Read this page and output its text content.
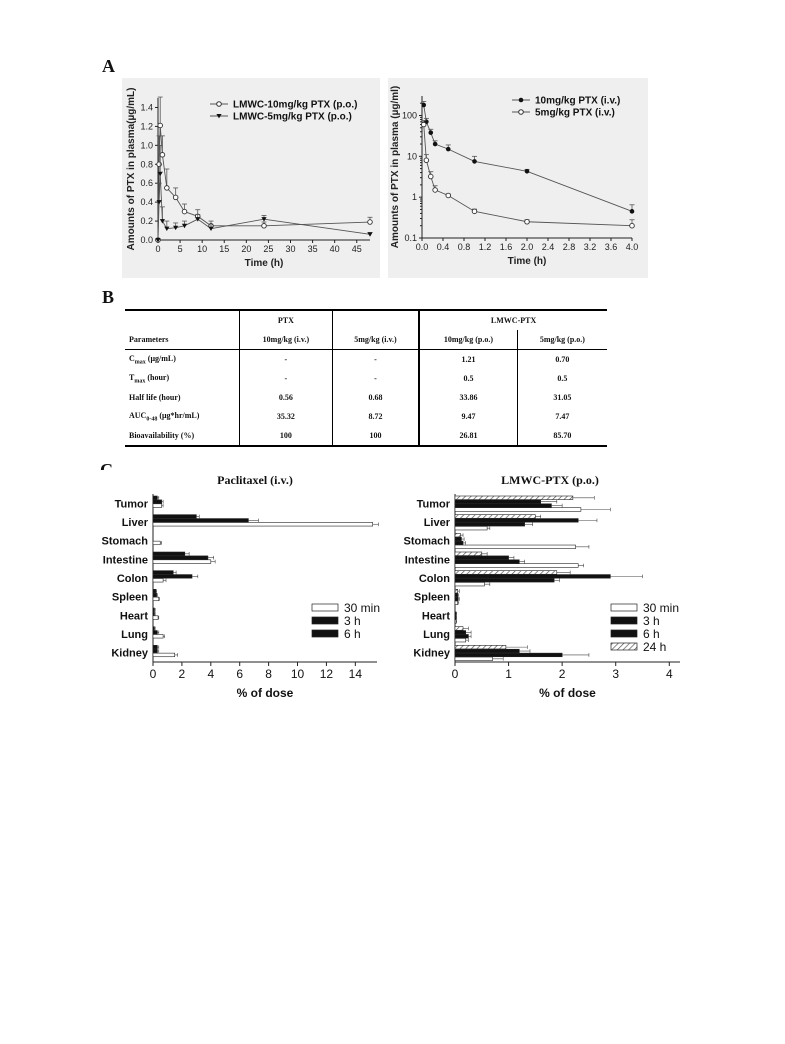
A
B
0.0
0.2
0.4
0.6
0.8
1.0
1.2
1.4
0 5 10 15 20 25 30 35 40 45
Time (h)
Amounts of PTX in plasma(µg/mL)	LMWC-10mg/kg PTX (p.o.)
LMWC-5mg/kg PTX (p.o.)
0.1
1
10
100
0.0 0.4 0.8 1.2 1.6 2.0 2.4 2.8 3.2 3.6 4.0
Time (h)
Amounts of PTX in plasma (µg/ml)	10mg/kg PTX (i.v.)
5mg/kg PTX (i.v.)
	PTX		LMWC-PTX	
Parameters	10mg/kg (i.v.)	5mg/kg (i.v.)	10mg/kg (p.o.)	5mg/kg (p.o.)
$C_{max}$ (μg/mL)	-	-	1.21	0.70
$T_{max}$ (hour)	-	-	0.5	0.5
Half life (hour)	0.56	0.68	33.86	31.05
$AUC_{0-48}$ (μg*hr/mL)	35.32	8.72	9.47	7.47
Bioavailability (%)	100	100	26.81	85.70
Paclitaxel (i.v.)
0 2 4 6 8 10 12 14
% of dose
Tumor
Liver
Stomach
Intestine
Colon
Spleen
Heart
Lung
Kidney
30 min
3 h
6 h
LMWC-PTX (p.o.)
0	1	2	3	4
% of dose
Tumor
Liver
Stomach
Intestine
Colon
Spleen
Heart
Lung
Kidney
30 min
3 h
6 h
24 h
